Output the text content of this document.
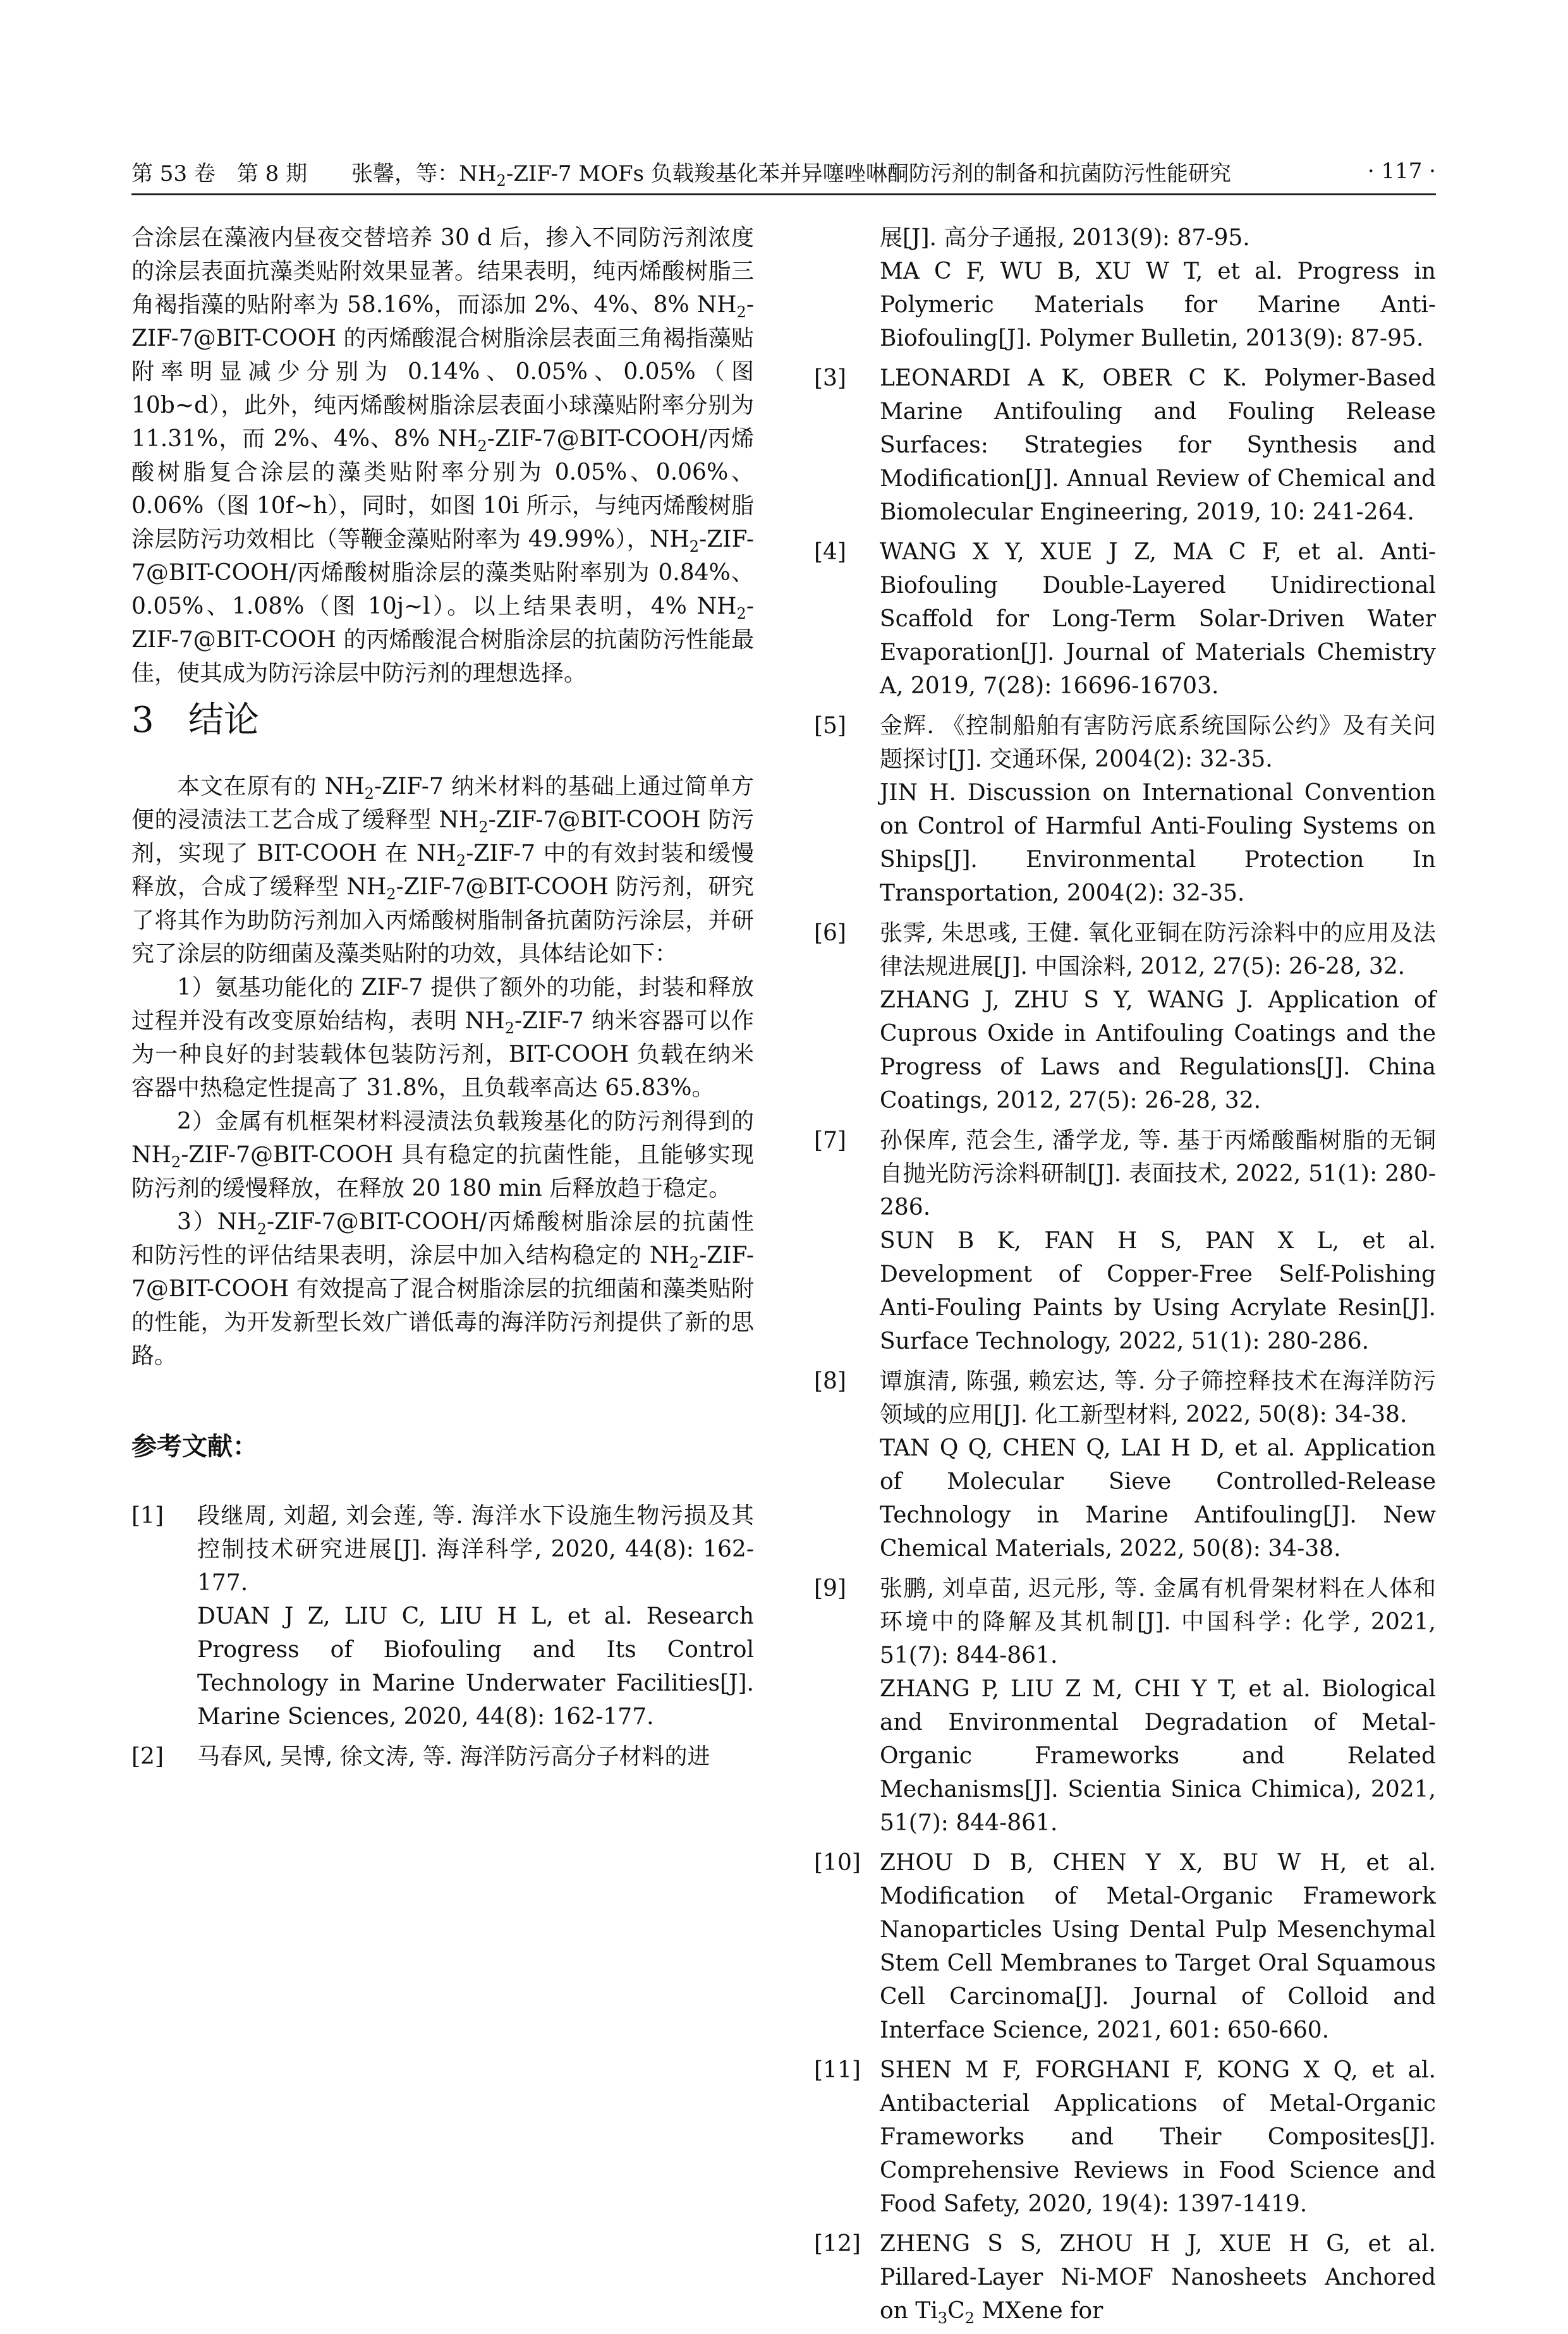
第 53 卷　第 8 期 张馨，等：$NH_2-ZIF-7$ MOFs 负载羧基化苯并异噻唑啉酮防污剂的制备和抗菌防污性能研究	· 117 ·

合涂层在藻液内昼夜交替培养 30 d 后，掺入不同防污剂浓度的涂层表面抗藻类贴附效果显著。结果表明，纯丙烯酸树脂三角褐指藻的贴附率为 58.16%，而添加 2%、4%、8% $NH_2-ZIF-7@BIT$-COOH 的丙烯酸混合树脂涂层表面三角褐指藻贴附率明显减少分别为 0.14%、0.05%、0.05%（图 10b~d），此外，纯丙烯酸树脂涂层表面小球藻贴附率分别为 11.31%，而 2%、4%、8% $NH_2-ZIF-7@BIT-COOH/$丙烯酸树脂复合涂层的藻类贴附率分别为 0.05%、0.06%、0.06%（图 10f~h），同时，如图 10i 所示，与纯丙烯酸树脂涂层防污功效相比（等鞭金藻贴附率为 49.99%），$NH_2-ZIF-7@BIT-COOH/$丙烯酸树脂涂层的藻类贴附率别为 0.84%、0.05%、1.08%（图 10j~l）。以上结果表明，4% $NH_2-ZIF-7@BIT$-COOH 的丙烯酸混合树脂涂层的抗菌防污性能最佳，使其成为防污涂层中防污剂的理想选择。

3 结论

本文在原有的 $NH_2-ZIF-7$ 纳米材料的基础上通过简单方便的浸渍法工艺合成了缓释型 $NH_2-ZIF-7@BIT$-COOH 防污剂，实现了 BIT-COOH 在 $NH_2-ZIF-7$ 中的有效封装和缓慢释放，合成了缓释型 $NH_2-ZIF-7@BIT$-COOH 防污剂，研究了将其作为助防污剂加入丙烯酸树脂制备抗菌防污涂层，并研究了涂层的防细菌及藻类贴附的功效，具体结论如下：

1）氨基功能化的 ZIF-7 提供了额外的功能，封装和释放过程并没有改变原始结构，表明 $NH_2-ZIF-7$ 纳米容器可以作为一种良好的封装载体包装防污剂，BIT-COOH 负载在纳米容器中热稳定性提高了 31.8%，且负载率高达 65.83%。

2）金属有机框架材料浸渍法负载羧基化的防污剂得到的 $NH_2-ZIF-7@BIT$-COOH 具有稳定的抗菌性能，且能够实现防污剂的缓慢释放，在释放 20 180 min 后释放趋于稳定。

$3)NH_2-ZIF-7@BIT-COOH/$丙烯酸树脂涂层的抗菌性和防污性的评估结果表明，涂层中加入结构稳定的 $NH_2-ZIF-7@BIT$-COOH 有效提高了混合树脂涂层的抗细菌和藻类贴附的性能，为开发新型长效广谱低毒的海洋防污剂提供了新的思路。

参考文献：
[1]	段继周, 刘超, 刘会莲, 等. 海洋水下设施生物污损及其控制技术研究进展[J]. 海洋科学, 2020, 44(8): 162-177.
DUAN J Z, LIU C, LIU H L, et al. Research Progress of Biofouling and Its Control Technology in Marine Underwater Facilities[J]. Marine Sciences, 2020, 44(8): 162-177.
[2]	马春风, 吴博, 徐文涛, 等. 海洋防污高分子材料的进
展[J]. 高分子通报, 2013(9): 87-95.
MA C F, WU B, XU W T, et al. Progress in Polymeric Materials for Marine Anti-Biofouling[J]. Polymer Bulletin, 2013(9): 87-95.
[3]	LEONARDI A K, OBER C K. Polymer-Based Marine Antifouling and Fouling Release Surfaces: Strategies for Synthesis and Modification[J]. Annual Review of Chemical and Biomolecular Engineering, 2019, 10: 241-264.
[4]	WANG X Y, XUE J Z, MA C F, et al. Anti-Biofouling Double-Layered Unidirectional Scaffold for Long-Term Solar-Driven Water Evaporation[J]. Journal of Materials Chemistry A, 2019, 7(28): 16696-16703.
[5]	金辉. 《控制船舶有害防污底系统国际公约》及有关问题探讨[J]. 交通环保, 2004(2): 32-35.
JIN H. Discussion on International Convention on Control of Harmful Anti-Fouling Systems on Ships[J]. Environmental Protection In Transportation, 2004(2): 32-35.
[6]	张霁, 朱思彧, 王健. 氧化亚铜在防污涂料中的应用及法律法规进展[J]. 中国涂料, 2012, 27(5): 26-28, 32.
ZHANG J, ZHU S Y, WANG J. Application of Cuprous Oxide in Antifouling Coatings and the Progress of Laws and Regulations[J]. China Coatings, 2012, 27(5): 26-28, 32.
[7]	孙保库, 范会生, 潘学龙, 等. 基于丙烯酸酯树脂的无铜自抛光防污涂料研制[J]. 表面技术, 2022, 51(1): 280-286.
SUN B K, FAN H S, PAN X L, et al. Development of Copper-Free Self-Polishing Anti-Fouling Paints by Using Acrylate Resin[J]. Surface Technology, 2022, 51(1): 280-286.
[8]	谭旗清, 陈强, 赖宏达, 等. 分子筛控释技术在海洋防污领域的应用[J]. 化工新型材料, 2022, 50(8): 34-38.
TAN Q Q, CHEN Q, LAI H D, et al. Application of Molecular Sieve Controlled-Release Technology in Marine Antifouling[J]. New Chemical Materials, 2022, 50(8): 34-38.
[9]	张鹏, 刘卓苗, 迟元彤, 等. 金属有机骨架材料在人体和环境中的降解及其机制[J]. 中国科学: 化学, 2021, 51(7): 844-861.
ZHANG P, LIU Z M, CHI Y T, et al. Biological and Environmental Degradation of Metal-Organic Frameworks and Related Mechanisms[J]. Scientia Sinica Chimica), 2021, 51(7): 844-861.
[10] ZHOU D B, CHEN Y X, BU W H, et al. Modification of Metal-Organic Framework Nanoparticles Using Dental Pulp Mesenchymal Stem Cell Membranes to Target Oral Squamous Cell Carcinoma[J]. Journal of Colloid and Interface Science, 2021, 601: 650-660.
[11] SHEN M F, FORGHANI F, KONG X Q, et al. Antibacterial Applications of Metal-Organic Frameworks and Their Composites[J]. Comprehensive Reviews in Food Science and Food Safety, 2020, 19(4): 1397-1419.
[12] ZHENG S S, ZHOU H J, XUE H G, et al. Pillared-Layer Ni-MOF Nanosheets Anchored on $Ti_3C_2$ MXene for
